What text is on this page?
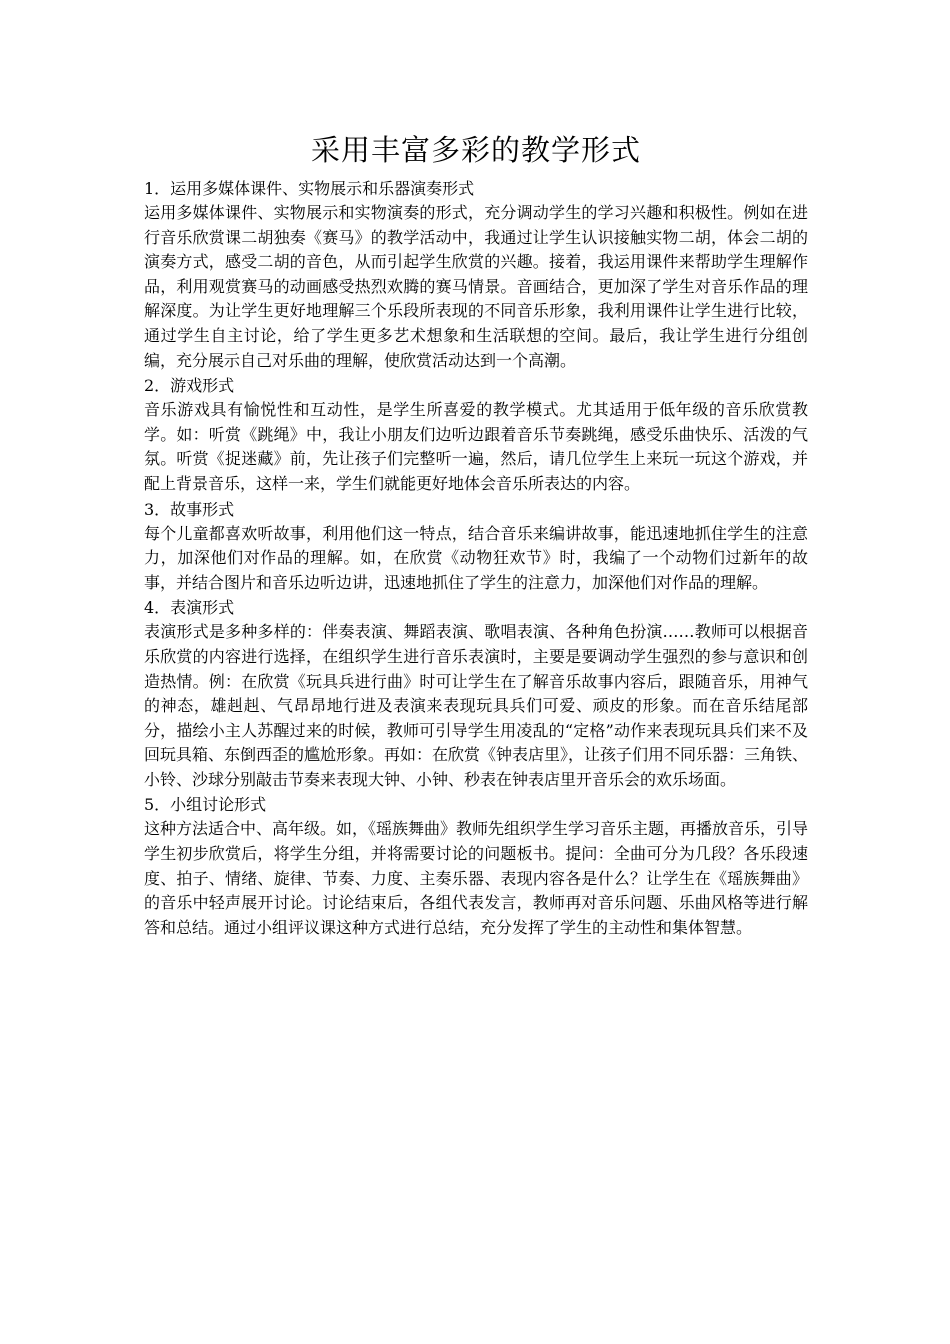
采用丰富多彩的教学形式

1．运用多媒体课件、实物展示和乐器演奏形式

运用多媒体课件、实物展示和实物演奏的形式，充分调动学生的学习兴趣和积极性。例如在进行音乐欣赏课二胡独奏《赛马》的教学活动中，我通过让学生认识接触实物二胡，体会二胡的演奏方式，感受二胡的音色，从而引起学生欣赏的兴趣。接着，我运用课件来帮助学生理解作品，利用观赏赛马的动画感受热烈欢腾的赛马情景。音画结合，更加深了学生对音乐作品的理解深度。为让学生更好地理解三个乐段所表现的不同音乐形象，我利用课件让学生进行比较，通过学生自主讨论，给了学生更多艺术想象和生活联想的空间。最后，我让学生进行分组创编，充分展示自己对乐曲的理解，使欣赏活动达到一个高潮。

2．游戏形式

音乐游戏具有愉悦性和互动性，是学生所喜爱的教学模式。尤其适用于低年级的音乐欣赏教学。如：听赏《跳绳》中，我让小朋友们边听边跟着音乐节奏跳绳，感受乐曲快乐、活泼的气氛。听赏《捉迷藏》前，先让孩子们完整听一遍，然后，请几位学生上来玩一玩这个游戏，并配上背景音乐，这样一来，学生们就能更好地体会音乐所表达的内容。

3．故事形式

每个儿童都喜欢听故事，利用他们这一特点，结合音乐来编讲故事，能迅速地抓住学生的注意力，加深他们对作品的理解。如，在欣赏《动物狂欢节》时，我编了一个动物们过新年的故事，并结合图片和音乐边听边讲，迅速地抓住了学生的注意力，加深他们对作品的理解。

4．表演形式

表演形式是多种多样的：伴奏表演、舞蹈表演、歌唱表演、各种角色扮演……教师可以根据音乐欣赏的内容进行选择，在组织学生进行音乐表演时，主要是要调动学生强烈的参与意识和创造热情。例：在欣赏《玩具兵进行曲》时可让学生在了解音乐故事内容后，跟随音乐，用神气的神态，雄赳赳、气昂昂地行进及表演来表现玩具兵们可爱、顽皮的形象。而在音乐结尾部分，描绘小主人苏醒过来的时候，教师可引导学生用凌乱的“定格”动作来表现玩具兵们来不及回玩具箱、东倒西歪的尴尬形象。再如：在欣赏《钟表店里》，让孩子们用不同乐器：三角铁、小铃、沙球分别敲击节奏来表现大钟、小钟、秒表在钟表店里开音乐会的欢乐场面。

5．小组讨论形式

这种方法适合中、高年级。如，《瑶族舞曲》教师先组织学生学习音乐主题，再播放音乐，引导学生初步欣赏后，将学生分组，并将需要讨论的问题板书。提问：全曲可分为几段？各乐段速度、拍子、情绪、旋律、节奏、力度、主奏乐器、表现内容各是什么？让学生在《瑶族舞曲》的音乐中轻声展开讨论。讨论结束后，各组代表发言，教师再对音乐问题、乐曲风格等进行解答和总结。通过小组评议课这种方式进行总结，充分发挥了学生的主动性和集体智慧。
